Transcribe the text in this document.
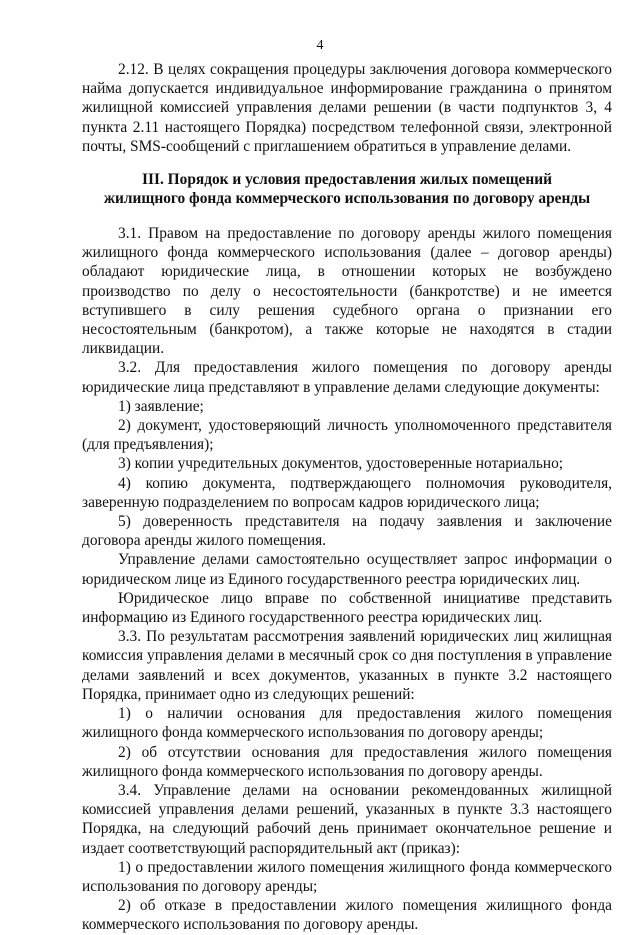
4

2.12. В целях сокращения процедуры заключения договора коммерческого найма допускается индивидуальное информирование гражданина о принятом жилищной комиссией управления делами решении (в части подпунктов 3, 4 пункта 2.11 настоящего Порядка) посредством телефонной связи, электронной почты, SMS-сообщений с приглашением обратиться в управление делами.

III. Порядок и условия предоставления жилых помещений
жилищного фонда коммерческого использования по договору аренды

3.1. Правом на предоставление по договору аренды жилого помещения жилищного фонда коммерческого использования (далее – договор аренды) обладают юридические лица, в отношении которых не возбуждено производство по делу о несостоятельности (банкротстве) и не имеется вступившего в силу решения судебного органа о признании его несостоятельным (банкротом), а также которые не находятся в стадии ликвидации.

3.2. Для предоставления жилого помещения по договору аренды юридические лица представляют в управление делами следующие документы:

1) заявление;

2) документ, удостоверяющий личность уполномоченного представителя (для предъявления);

3) копии учредительных документов, удостоверенные нотариально;

4) копию документа, подтверждающего полномочия руководителя, заверенную подразделением по вопросам кадров юридического лица;

5) доверенность представителя на подачу заявления и заключение договора аренды жилого помещения.

Управление делами самостоятельно осуществляет запрос информации о юридическом лице из Единого государственного реестра юридических лиц.

Юридическое лицо вправе по собственной инициативе представить информацию из Единого государственного реестра юридических лиц.

3.3. По результатам рассмотрения заявлений юридических лиц жилищная комиссия управления делами в месячный срок со дня поступления в управление делами заявлений и всех документов, указанных в пункте 3.2 настоящего Порядка, принимает одно из следующих решений:

1) о наличии основания для предоставления жилого помещения жилищного фонда коммерческого использования по договору аренды;

2) об отсутствии основания для предоставления жилого помещения жилищного фонда коммерческого использования по договору аренды.

3.4. Управление делами на основании рекомендованных жилищной комиссией управления делами решений, указанных в пункте 3.3 настоящего Порядка, на следующий рабочий день принимает окончательное решение и издает соответствующий распорядительный акт (приказ):

1) о предоставлении жилого помещения жилищного фонда коммерческого использования по договору аренды;

2) об отказе в предоставлении жилого помещения жилищного фонда коммерческого использования по договору аренды.
